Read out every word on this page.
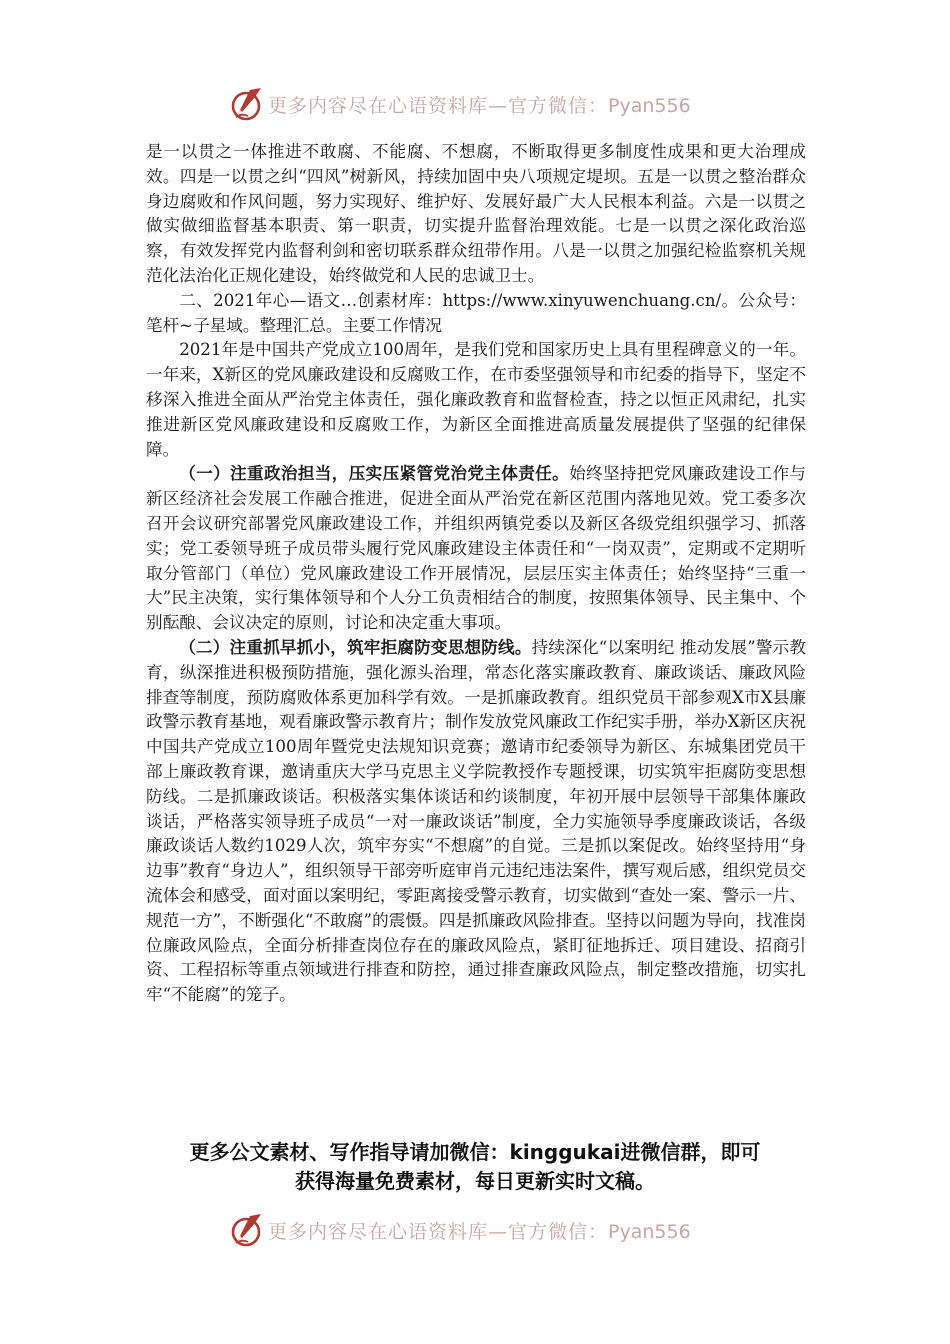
更多内容尽在心语资料库—官方微信：Pyan556

是一以贯之一体推进不敢腐、不能腐、不想腐，不断取得更多制度性成果和更大治理成效。四是一以贯之纠“四风”树新风，持续加固中央八项规定堤坝。五是一以贯之整治群众身边腐败和作风问题，努力实现好、维护好、发展好最广大人民根本利益。六是一以贯之做实做细监督基本职责、第一职责，切实提升监督治理效能。七是一以贯之深化政治巡察，有效发挥党内监督利剑和密切联系群众纽带作用。八是一以贯之加强纪检监察机关规范化法治化正规化建设，始终做党和人民的忠诚卫士。

二、2021年心—语文…创素材库：https://www.xinyuwenchuang.cn/。公众号：笔杆~子星域。整理汇总。主要工作情况

2021年是中国共产党成立100周年，是我们党和国家历史上具有里程碑意义的一年。一年来，X新区的党风廉政建设和反腐败工作，在市委坚强领导和市纪委的指导下，坚定不移深入推进全面从严治党主体责任，强化廉政教育和监督检查，持之以恒正风肃纪，扎实推进新区党风廉政建设和反腐败工作，为新区全面推进高质量发展提供了坚强的纪律保障。

（一）注重政治担当，压实压紧管党治党主体责任。始终坚持把党风廉政建设工作与新区经济社会发展工作融合推进，促进全面从严治党在新区范围内落地见效。党工委多次召开会议研究部署党风廉政建设工作，并组织两镇党委以及新区各级党组织强学习、抓落实；党工委领导班子成员带头履行党风廉政建设主体责任和“一岗双责”，定期或不定期听取分管部门（单位）党风廉政建设工作开展情况，层层压实主体责任；始终坚持“三重一大”民主决策，实行集体领导和个人分工负责相结合的制度，按照集体领导、民主集中、个别酝酿、会议决定的原则，讨论和决定重大事项。

（二）注重抓早抓小，筑牢拒腐防变思想防线。持续深化“以案明纪 推动发展”警示教育，纵深推进积极预防措施，强化源头治理，常态化落实廉政教育、廉政谈话、廉政风险排查等制度，预防腐败体系更加科学有效。一是抓廉政教育。组织党员干部参观X市X县廉政警示教育基地，观看廉政警示教育片；制作发放党风廉政工作纪实手册，举办X新区庆祝中国共产党成立100周年暨党史法规知识竞赛；邀请市纪委领导为新区、东城集团党员干部上廉政教育课，邀请重庆大学马克思主义学院教授作专题授课，切实筑牢拒腐防变思想防线。二是抓廉政谈话。积极落实集体谈话和约谈制度，年初开展中层领导干部集体廉政谈话，严格落实领导班子成员“一对一廉政谈话”制度，全力实施领导季度廉政谈话，各级廉政谈话人数约1029人次，筑牢夯实“不想腐”的自觉。三是抓以案促改。始终坚持用“身边事”教育“身边人”，组织领导干部旁听庭审肖元违纪违法案件，撰写观后感，组织党员交流体会和感受，面对面以案明纪，零距离接受警示教育，切实做到“查处一案、警示一片、规范一方”，不断强化“不敢腐”的震慑。四是抓廉政风险排查。坚持以问题为导向，找准岗位廉政风险点，全面分析排查岗位存在的廉政风险点，紧盯征地拆迁、项目建设、招商引资、工程招标等重点领域进行排查和防控，通过排查廉政风险点，制定整改措施，切实扎牢“不能腐”的笼子。

更多公文素材、写作指导请加微信：kinggukai进微信群，即可
获得海量免费素材，每日更新实时文稿。
更多内容尽在心语资料库—官方微信：Pyan556
